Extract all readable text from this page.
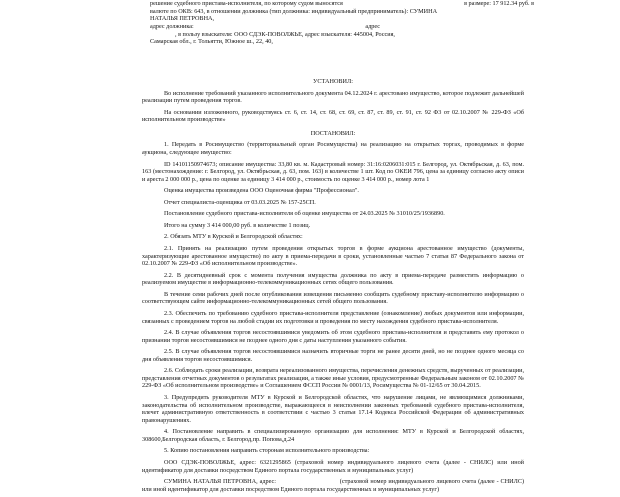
решение судебного пристава-исполнителя, по которому судом выносятся	в размере: 17 912.34 руб. в
валюте по ОКВ: 643, в отношении должника (тип должника: индивидуальный предприниматель): СУМИНА
НАТАЛЬЯ ПЕТРОВНА,
адрес должника:	адрес
, в пользу взыскателя: ООО СДЭК-ПОВОЛЖЬЕ, адрес взыскателя: 445004, Россия,
Самарская обл., г. Тольятти, Южное ш., 22, 40,
УСТАНОВИЛ:

Во исполнение требований указанного исполнительного документа 04.12.2024 г. арестовано имущество, которое подлежит дальнейшей реализации путем проведения торгов.

На основании изложенного, руководствуясь ст. 6, ст. 14, ст. 68, ст. 69, ст. 87, ст. 89, ст. 91, ст. 92 Ф3 от 02.10.2007 № 229-ФЗ «Об исполнительном производстве»

ПОСТАНОВИЛ:

1. Передать в Росимущество (территориальный орган Росимущества) на реализацию на открытых торгах, проводимых в форме аукциона, следующее имущество:

ID 14101150974673; описание имущества: 33,80 кв. м. Кадастровый номер: 31:16:0206031:015 г. Белгород, ул. Октябрьская, д. 63, пом. 163 (местонахождение: г. Белгород, ул. Октябрьская, д. 63, пом. 163) в количестве 1 шт. Код по ОКЕИ 796, цена за единицу согласно акту описи и ареста 2 000 000 р., цена по оценке за единицу 3 414 000 р., стоимость по оценке 3 414 000 р., номер лота 1

Оценка имущества произведена ООО Оценочная фирма "Профессионал".

Отчет специалиста-оценщика от 03.03.2025 № 157-25СП.

Постановление судебного пристава-исполнителя об оценке имущества от 24.03.2025 № 31010/25/1936890.

Итого на сумму 3 414 000,00 руб. в количестве 1 позиц.

2. Обязать МТУ в Курской и Белгородской областях:

2.1. Принять на реализацию путем проведения открытых торгов в форме аукциона арестованное имущество (документы, характеризующие арестованное имущество) по акту в приема-передачи в сроки, установленные частью 7 статьи 87 Федерального закона от 02.10.2007 № 229-ФЗ «Об исполнительном производстве».

2.2. В десятидневный срок с момента получения имущества должника по акту в приема-передаче разместить информацию о реализуемом имуществе в информационно-телекоммуникационных сетях общего пользования.

В течение семи рабочих дней после опубликования извещения письменно сообщить судебному приставу-исполнителю информацию о соответствующем сайте информационно-телекоммуникационных сетей общего пользования.

2.3. Обеспечить по требованию судебного пристава-исполнителя представление (ознакомление) любых документов или информации, связанных с проведением торгов на любой стадии их подготовки и проведения по месту нахождения судебного пристава-исполнителя.

2.4. В случае объявления торгов несостоявшимися уведомить об этом судебного пристава-исполнителя и представить ему протокол о признании торгов несостоявшимися не позднее одного дня с даты наступления указанного события.

2.5. В случае объявления торгов несостоявшимися назначить вторичные торги не ранее десяти дней, но не позднее одного месяца со дня объявления торгов несостоявшимися.

2.6. Соблюдать сроки реализации, возврата нереализованного имущества, перечисления денежных средств, вырученных от реализации, представления отчетных документов о результатах реализации, а также иные условия, предусмотренные Федеральным законом от 02.10.2007 № 229-ФЗ «Об исполнительном производстве» и Соглашением ФССП России № 0001/13, Росимущества № 01-12/65 от 30.04.2015.

3. Предупредить руководителя МТУ в Курской и Белгородской областях, что нарушение лицами, не являющимися должниками, законодательства об исполнительном производстве, выражающееся в неисполнении законных требований судебного пристава-исполнителя, влечет административную ответственность в соответствии с частью 3 статьи 17.14 Кодекса Российской Федерации об административных правонарушениях.

4. Постановление направить в специализированную организацию для исполнения: МТУ в Курской и Белгородской областях, 308600,Белгородская область, г. Белгород,пр. Попова,д.24

5. Копию постановления направить сторонам исполнительного производства:

ООО СДЭК-ПОВОЛЖЬЕ, адрес: 6321295865 (страховой номер индивидуального лицевого счета (далее - СНИЛС) или иной идентификатор для доставки посредством Единого портала государственных и муниципальных услуг)

СУМИНА НАТАЛЬЯ ПЕТРОВНА, адрес:	(страховой номер индивидуального лицевого счета (далее - СНИЛС) или иной идентификатор для доставки посредством Единого портала государственных и муниципальных услуг)
